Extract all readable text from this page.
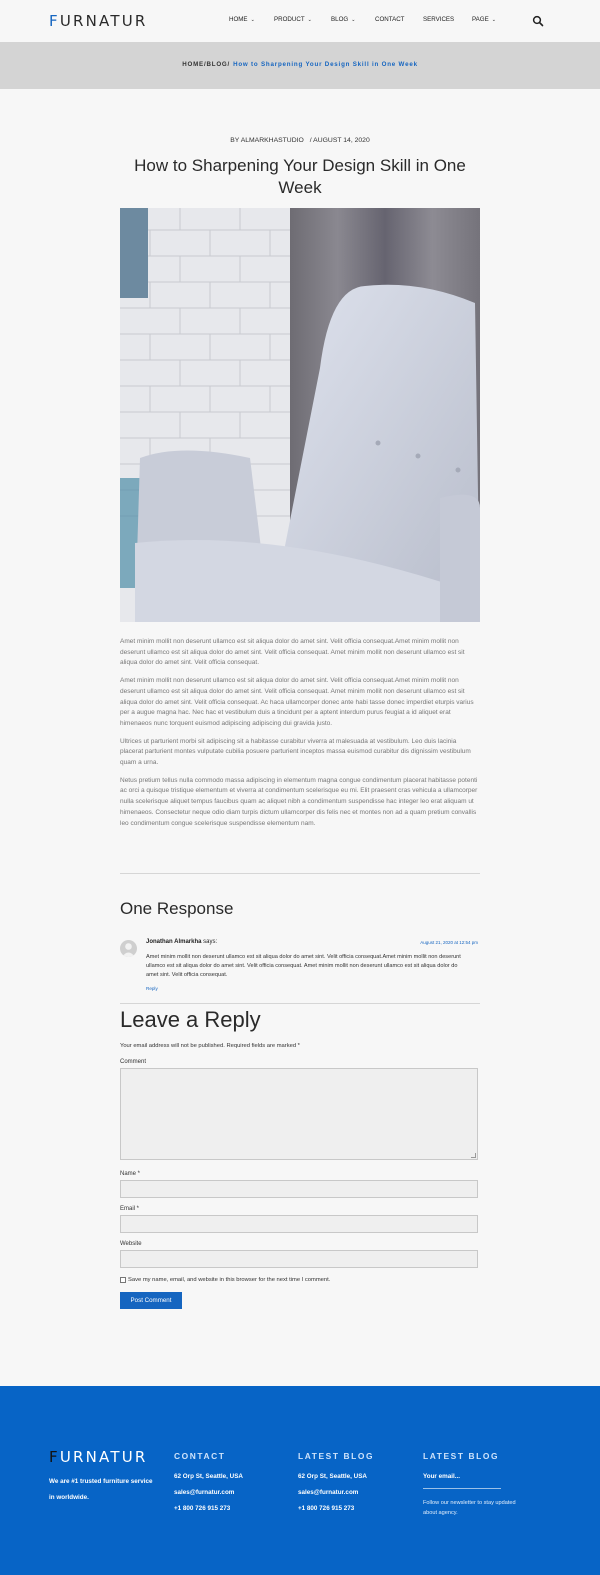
FURNATUR	HOME ⌄	PRODUCT ⌄	BLOG ⌄	CONTACT	SERVICES	PAGE ⌄
HOME/BLOG/ How to Sharpening Your Design Skill in One Week
BY ALMARKHASTUDIO / AUGUST 14, 2020
How to Sharpening Your Design Skill in One Week

Amet minim mollit non deserunt ullamco est sit aliqua dolor do amet sint. Velit officia consequat.Amet minim mollit non deserunt ullamco est sit aliqua dolor do amet sint. Velit officia consequat. Amet minim mollit non deserunt ullamco est sit aliqua dolor do amet sint. Velit officia consequat.

Amet minim mollit non deserunt ullamco est sit aliqua dolor do amet sint. Velit officia consequat.Amet minim mollit non deserunt ullamco est sit aliqua dolor do amet sint. Velit officia consequat. Amet minim mollit non deserunt ullamco est sit aliqua dolor do amet sint. Velit officia consequat. Ac haca ullamcorper donec ante habi tasse donec imperdiet eturpis varius per a augue magna hac. Nec hac et vestibulum duis a tincidunt per a aptent interdum purus feugiat a id aliquet erat himenaeos nunc torquent euismod adipiscing adipiscing dui gravida justo.

Ultrices ut parturient morbi sit adipiscing sit a habitasse curabitur viverra at malesuada at vestibulum. Leo duis lacinia placerat parturient montes vulputate cubilia posuere parturient inceptos massa euismod curabitur dis dignissim vestibulum quam a urna.

Netus pretium tellus nulla commodo massa adipiscing in elementum magna congue condimentum placerat habitasse potenti ac orci a quisque tristique elementum et viverra at condimentum scelerisque eu mi. Elit praesent cras vehicula a ullamcorper nulla scelerisque aliquet tempus faucibus quam ac aliquet nibh a condimentum suspendisse hac integer leo erat aliquam ut himenaeos. Consectetur neque odio diam turpis dictum ullamcorper dis felis nec et montes non ad a quam pretium convallis leo condimentum congue scelerisque suspendisse elementum nam.

One Response
Jonathan Almarkha says:	August 21, 2020 at 12:54 pm
Amet minim mollit non deserunt ullamco est sit aliqua dolor do amet sint. Velit officia consequat.Amet minim mollit non deserunt ullamco est sit aliqua dolor do amet sint. Velit officia consequat. Amet minim mollit non deserunt ullamco est sit aliqua dolor do amet sint. Velit officia consequat.
Reply
Leave a Reply
Your email address will not be published. Required fields are marked *
Comment
Name *
Email *
Website
Save my name, email, and website in this browser for the next time I comment.
Post Comment
FURNATUR
We are #1 trusted furniture service in worldwide.
CONTACT
62 Orp St, Seattle, USA
sales@furnatur.com
+1 800 726 915 273
LATEST BLOG
62 Orp St, Seattle, USA
sales@furnatur.com
+1 800 726 915 273
LATEST BLOG
Your email...
Follow our newsletter to stay updated about agency.
